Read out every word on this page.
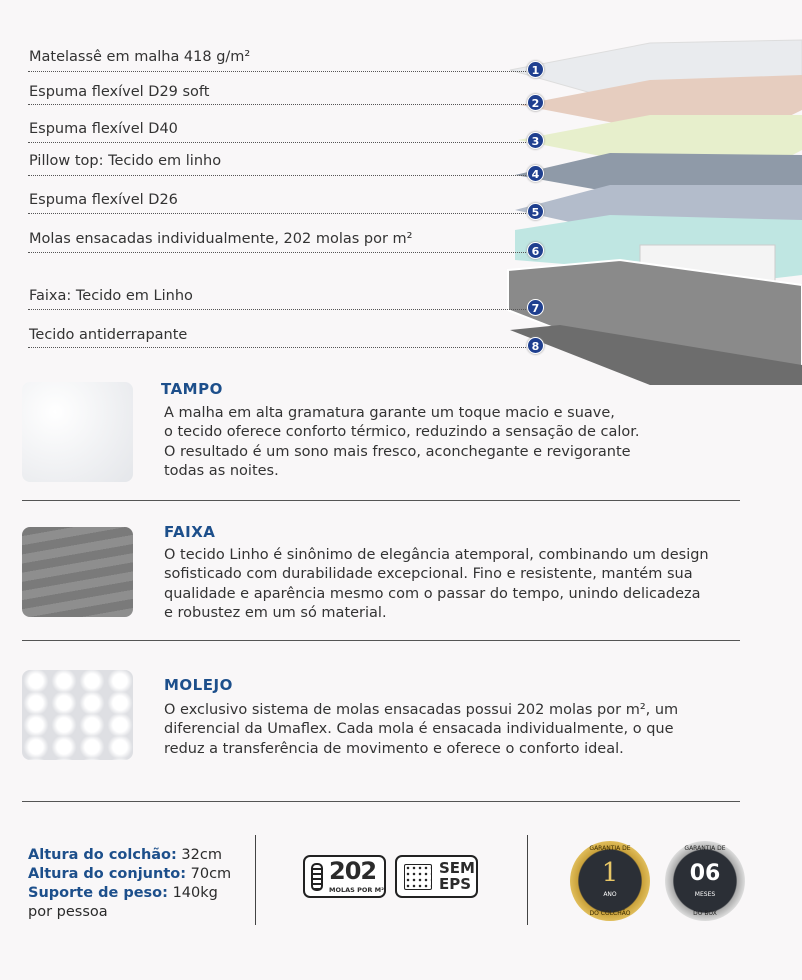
Matelassê em malha 418 g/m²
1
Espuma flexível D29 soft
2
Espuma flexível D40
3
Pillow top: Tecido em linho
4
Espuma flexível D26
5
Molas ensacadas individualmente, 202 molas por m²
6
Faixa: Tecido em Linho
7
Tecido antiderrapante
8
TAMPO
A malha em alta gramatura garante um toque macio e suave,
o tecido oferece conforto térmico, reduzindo a sensação de calor.
O resultado é um sono mais fresco, aconchegante e revigorante
todas as noites.
FAIXA
O tecido Linho é sinônimo de elegância atemporal, combinando um design
sofisticado com durabilidade excepcional. Fino e resistente, mantém sua
qualidade e aparência mesmo com o passar do tempo, unindo delicadeza
e robustez em um só material.
MOLEJO
O exclusivo sistema de molas ensacadas possui 202 molas por m², um
diferencial da Umaflex. Cada mola é ensacada individualmente, o que
reduz a transferência de movimento e oferece o conforto ideal.
Altura do colchão: 32cm
Altura do conjunto: 70cm
Suporte de peso: 140kg
por pessoa
202
MOLAS POR M²
SEM
EPS
GARANTIA DE
1
ANO
DO COLCHÃO
GARANTIA DE
06
MESES
DO BOX
